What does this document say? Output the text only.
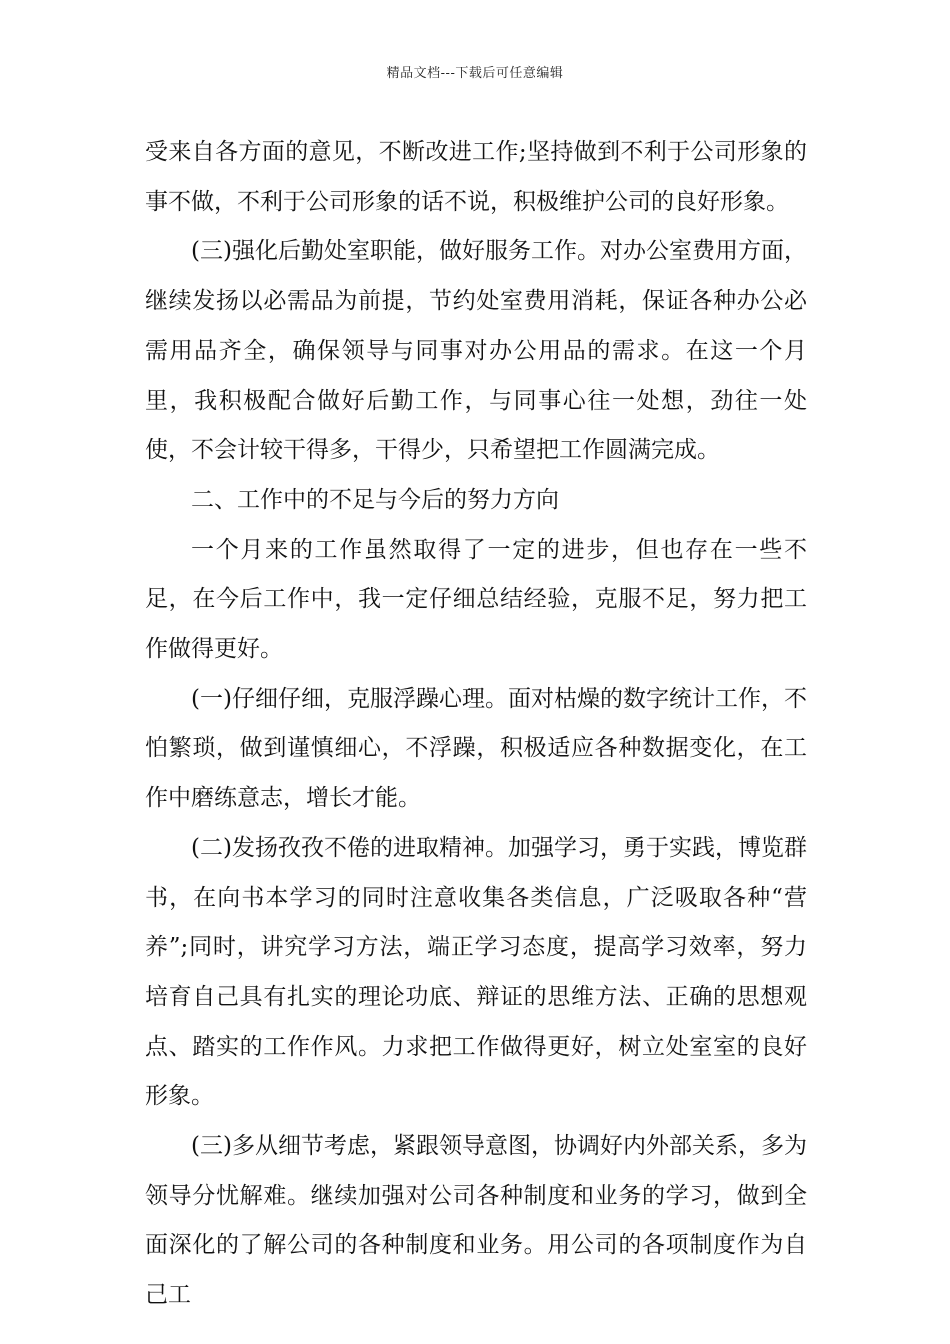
精品文档---下载后可任意编辑

受来自各方面的意见，不断改进工作;坚持做到不利于公司形象的事不做，不利于公司形象的话不说，积极维护公司的良好形象。

(三)强化后勤处室职能，做好服务工作。对办公室费用方面，继续发扬以必需品为前提，节约处室费用消耗，保证各种办公必需用品齐全，确保领导与同事对办公用品的需求。在这一个月里，我积极配合做好后勤工作，与同事心往一处想，劲往一处使，不会计较干得多，干得少，只希望把工作圆满完成。

二、工作中的不足与今后的努力方向

一个月来的工作虽然取得了一定的进步，但也存在一些不足，在今后工作中，我一定仔细总结经验，克服不足，努力把工作做得更好。

(一)仔细仔细，克服浮躁心理。面对枯燥的数字统计工作，不怕繁琐，做到谨慎细心，不浮躁，积极适应各种数据变化，在工作中磨练意志，增长才能。

(二)发扬孜孜不倦的进取精神。加强学习，勇于实践，博览群书，在向书本学习的同时注意收集各类信息，广泛吸取各种“营养”;同时，讲究学习方法，端正学习态度，提高学习效率，努力培育自己具有扎实的理论功底、辩证的思维方法、正确的思想观点、踏实的工作作风。力求把工作做得更好，树立处室室的良好形象。

(三)多从细节考虑，紧跟领导意图，协调好内外部关系，多为领导分忧解难。继续加强对公司各种制度和业务的学习，做到全面深化的了解公司的各种制度和业务。用公司的各项制度作为自己工
